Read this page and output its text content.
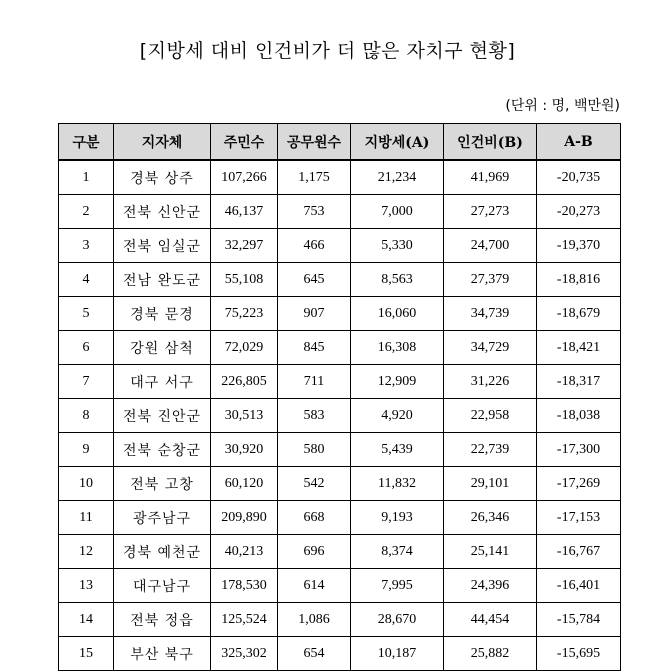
[지방세 대비 인건비가 더 많은 자치구 현황]
(단위 : 명, 백만원)
구분	지자체	주민수	공무원수	지방세(A)	인건비(B)	A-B
1	경북 상주	107,266	1,175	21,234	41,969	-20,735
2	전북 신안군	46,137	753	7,000	27,273	-20,273
3	전북 임실군	32,297	466	5,330	24,700	-19,370
4	전남 완도군	55,108	645	8,563	27,379	-18,816
5	경북 문경	75,223	907	16,060	34,739	-18,679
6	강원 삼척	72,029	845	16,308	34,729	-18,421
7	대구 서구	226,805	711	12,909	31,226	-18,317
8	전북 진안군	30,513	583	4,920	22,958	-18,038
9	전북 순창군	30,920	580	5,439	22,739	-17,300
10	전북 고창	60,120	542	11,832	29,101	-17,269
11	광주남구	209,890	668	9,193	26,346	-17,153
12	경북 예천군	40,213	696	8,374	25,141	-16,767
13	대구남구	178,530	614	7,995	24,396	-16,401
14	전북 정읍	125,524	1,086	28,670	44,454	-15,784
15	부산 북구	325,302	654	10,187	25,882	-15,695
